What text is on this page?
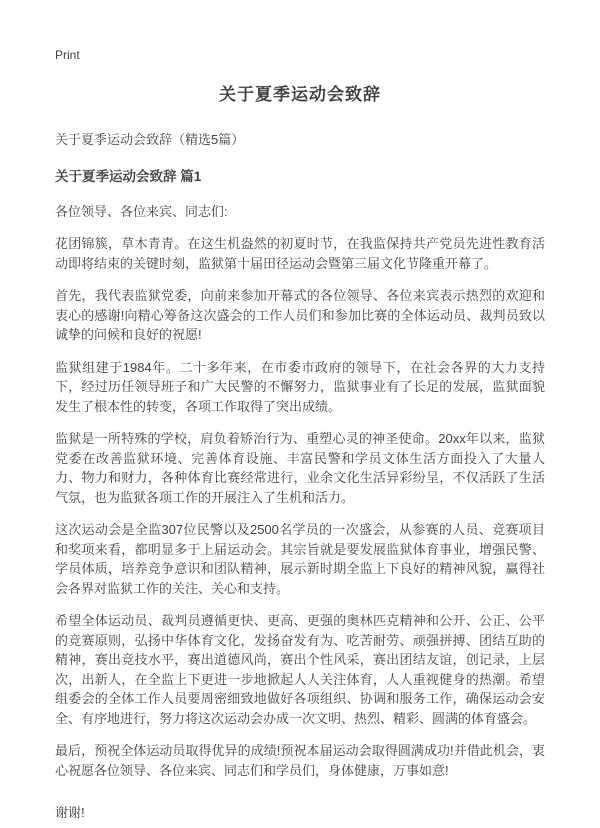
Print
关于夏季运动会致辞
关于夏季运动会致辞（精选5篇）
关于夏季运动会致辞 篇1
各位领导、各位来宾、同志们:
花团锦簇，草木青青。在这生机盎然的初夏时节，在我监保持共产党员先进性教育活动即将结束的关键时刻，监狱第十届田径运动会暨第三届文化节隆重开幕了。
首先，我代表监狱党委，向前来参加开幕式的各位领导、各位来宾表示热烈的欢迎和衷心的感谢!向精心筹备这次盛会的工作人员们和参加比赛的全体运动员、裁判员致以诚挚的问候和良好的祝愿!
监狱组建于1984年。二十多年来，在市委市政府的领导下，在社会各界的大力支持下，经过历任领导班子和广大民警的不懈努力，监狱事业有了长足的发展，监狱面貌发生了根本性的转变，各项工作取得了突出成绩。
监狱是一所特殊的学校，肩负着矫治行为、重塑心灵的神圣使命。20xx年以来，监狱党委在改善监狱环境、完善体育设施、丰富民警和学员文体生活方面投入了大量人力、物力和财力，各种体育比赛经常进行，业余文化生活异彩纷呈，不仅活跃了生活气氛，也为监狱各项工作的开展注入了生机和活力。
这次运动会是全监307位民警以及2500名学员的一次盛会，从参赛的人员、竞赛项目和奖项来看，都明显多于上届运动会。其宗旨就是要发展监狱体育事业，增强民警、学员体质，培养竞争意识和团队精神，展示新时期全监上下良好的精神风貌，赢得社会各界对监狱工作的关注、关心和支持。
希望全体运动员、裁判员遵循更快、更高、更强的奥林匹克精神和公开、公正、公平的竞赛原则，弘扬中华体育文化，发扬奋发有为、吃苦耐劳、顽强拼搏、团结互助的精神，赛出竞技水平，赛出道德风尚，赛出个性风采，赛出团结友谊，创记录，上层次，出新人，在全监上下更进一步地掀起人人关注体育，人人重视健身的热潮。希望组委会的全体工作人员要周密细致地做好各项组织、协调和服务工作，确保运动会安全、有序地进行，努力将这次运动会办成一次文明、热烈、精彩、圆满的体育盛会。
最后，预祝全体运动员取得优异的成绩!预祝本届运动会取得圆满成功!并借此机会，衷心祝愿各位领导、各位来宾、同志们和学员们，身体健康，万事如意!
谢谢!
